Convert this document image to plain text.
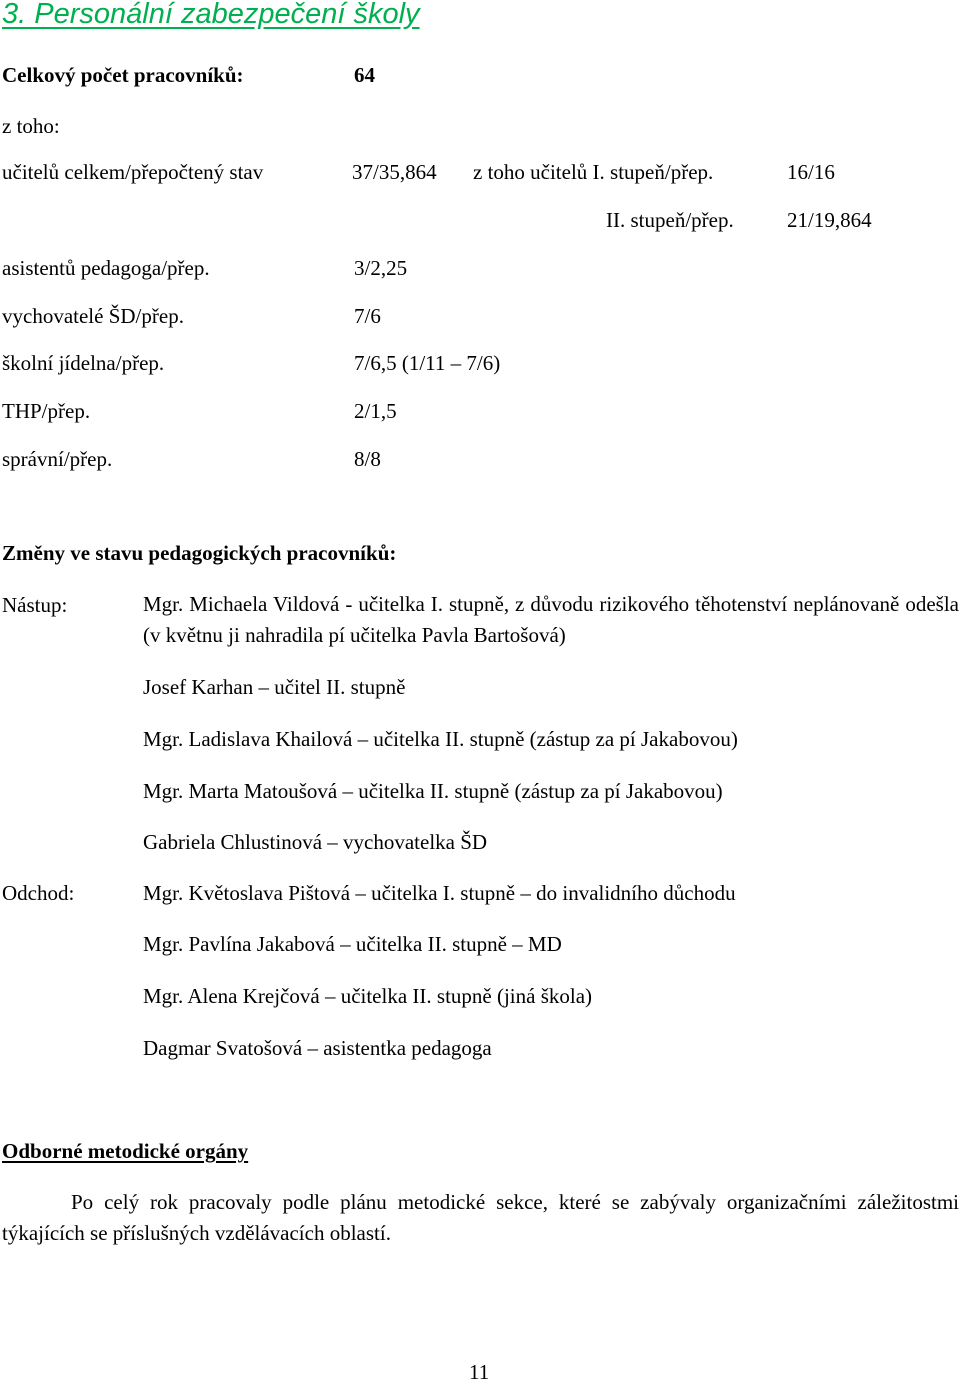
3. Personální zabezpečení školy
Celkový počet pracovníků:	64
z toho:
učitelů celkem/přepočtený stav	37/35,864 z toho učitelů I. stupeň/přep.	16/16
II. stupeň/přep.	21/19,864
asistentů pedagoga/přep.	3/2,25
vychovatelé ŠD/přep.	7/6
školní jídelna/přep.	7/6,5 (1/11 – 7/6)
THP/přep.	2/1,5
správní/přep.	8/8
Změny ve stavu pedagogických pracovníků:
Nástup:	Mgr. Michaela Vildová - učitelka I. stupně, z důvodu rizikového těhotenství neplánovaně odešla (v květnu ji nahradila pí učitelka Pavla Bartošová)
Josef Karhan – učitel II. stupně
Mgr. Ladislava Khailová – učitelka II. stupně (zástup za pí Jakabovou)
Mgr. Marta Matoušová – učitelka II. stupně (zástup za pí Jakabovou)
Gabriela Chlustinová – vychovatelka ŠD
Odchod:	Mgr. Květoslava Pištová – učitelka I. stupně – do invalidního důchodu
Mgr. Pavlína Jakabová – učitelka II. stupně – MD
Mgr. Alena Krejčová – učitelka II. stupně (jiná škola)
Dagmar Svatošová – asistentka pedagoga
Odborné metodické orgány
Po celý rok pracovaly podle plánu metodické sekce, které se zabývaly organizačními záležitostmi týkajících se příslušných vzdělávacích oblastí.
11
